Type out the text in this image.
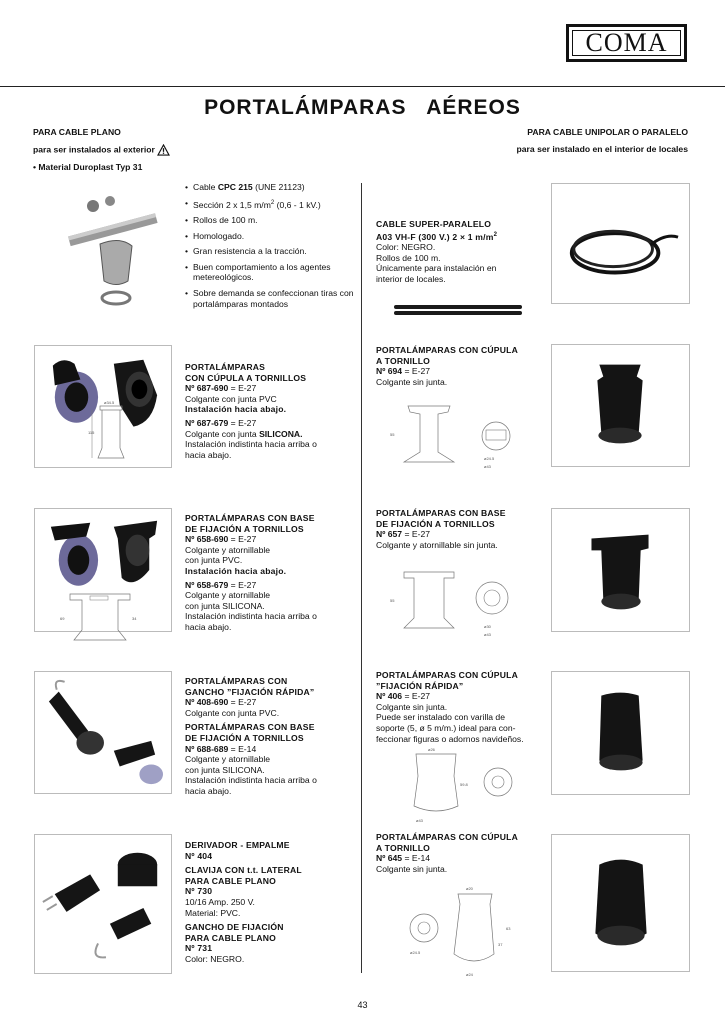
COMA
PORTALÁMPARAS   AÉREOS
PARA CABLE PLANO
para ser instalados al exterior
• Material Duroplast Typ 31
PARA CABLE UNIPOLAR O PARALELO
para ser instalado en el interior de locales
• Cable CPC 215 (UNE 21123)
• Sección 2 x 1,5 $m/m^2$ (0,6 - 1 kV.)
• Rollos de 100 m.
• Homologado.
• Gran resistencia a la tracción.
• Buen comportamiento a los agentes metereológicos.
• Sobre demanda se confeccionan tiras con portalámparas montados
CABLE SUPER-PARALELO
A03 VH-F (300 V.) 2 × 1 $m/m^2$
Color: NEGRO.
Rollos de 100 m.
Únicamente para instalación en
interior de locales.
ø34.5
115
PORTALÁMPARAS
CON CÚPULA A TORNILLOS
Nº 687-690 = E-27
Colgante con junta PVC
Instalación hacia abajo.
Nº 687-679 = E-27
Colgante con junta SILICONA.
Instalación indistinta hacia arriba o
hacia abajo.
PORTALÁMPARAS CON CÚPULA
A TORNILLO
Nº 694 = E-27
Colgante sin junta.
55
ø24.5
ø43
69	34
PORTALÁMPARAS CON BASE
DE FIJACIÓN A TORNILLOS
Nº 658-690 = E-27
Colgante y atornillable
con junta PVC.
Instalación hacia abajo.
Nº 658-679 = E-27
Colgante y atornillable
con junta SILICONA.
Instalación indistinta hacia arriba o
hacia abajo.
PORTALÁMPARAS CON BASE
DE FIJACIÓN A TORNILLOS
Nº 657 = E-27
Colgante y atornillable sin junta.
55
ø30
ø43
PORTALÁMPARAS CON
GANCHO ”FIJACIÓN RÁPIDA”
Nº 408-690 = E-27
Colgante con junta PVC.
PORTALÁMPARAS CON BASE
DE FIJACIÓN A TORNILLOS
Nº 688-689 = E-14
Colgante y atornillable
con junta SILICONA.
Instalación indistinta hacia arriba o
hacia abajo.
PORTALÁMPARAS CON CÚPULA
”FIJACIÓN RÁPIDA”
Nº 406 = E-27
Colgante sin junta.
Puede ser instalado con varilla de
soporte (5, ø 5 m/m.) ideal para con-
feccionar figuras o adornos navideños.
ø26
59.8
ø43
DERIVADOR - EMPALME
Nº 404
CLAVIJA CON t.t. LATERAL
PARA CABLE PLANO
Nº 730
10/16 Amp. 250 V.
Material: PVC.
GANCHO DE FIJACIÓN
PARA CABLE PLANO
Nº 731
Color: NEGRO.
PORTALÁMPARAS CON CÚPULA
A TORNILLO
Nº 645 = E-14
Colgante sin junta.
ø20
63
37
ø24.5
ø24
43
